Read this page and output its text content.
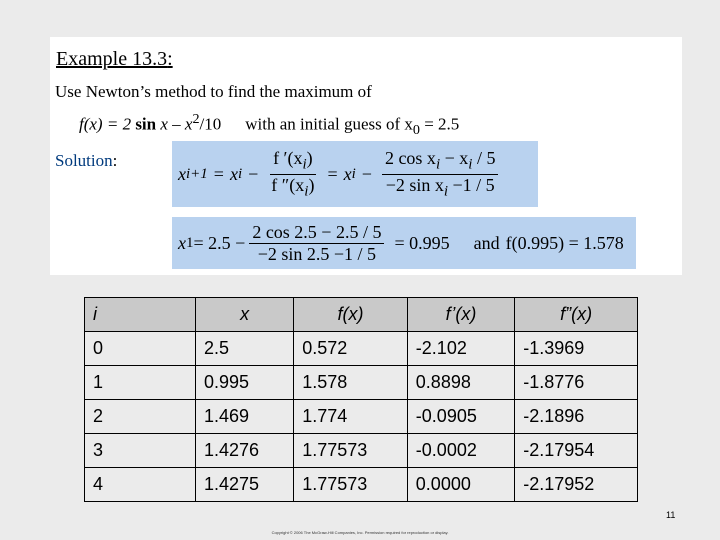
Example 13.3:
Use Newton’s method to find the maximum of
f(x) = 2 sin x – $x^2/10$ with an initial guess of $x_0 = 2.5$
Solution:
x i+1 = x $i - \frac{f '(x_i)}{f ''(x_i)} = x$ $i - \frac{2 \cos x_i - x_i / 5}{-2 \sin x_i -1 / 5}$
x $1 = 2.5 - \frac{2 \cos 2.5 - 2.5 / 5}{-2 \sin 2.5 -1 / 5} = 0.995$ and f(0.995) = 1.578
i	x	f(x)	f’(x)	f”(x)
0	2.5	0.572	-2.102	-1.3969
1	0.995	1.578	0.8898	-1.8776
2	1.469	1.774	-0.0905	-2.1896
3	1.4276	1.77573	-0.0002	-2.17954
4	1.4275	1.77573	0.0000	-2.17952
11
Copyright © 2006 The McGraw-Hill Companies, Inc. Permission required for reproduction or display.
